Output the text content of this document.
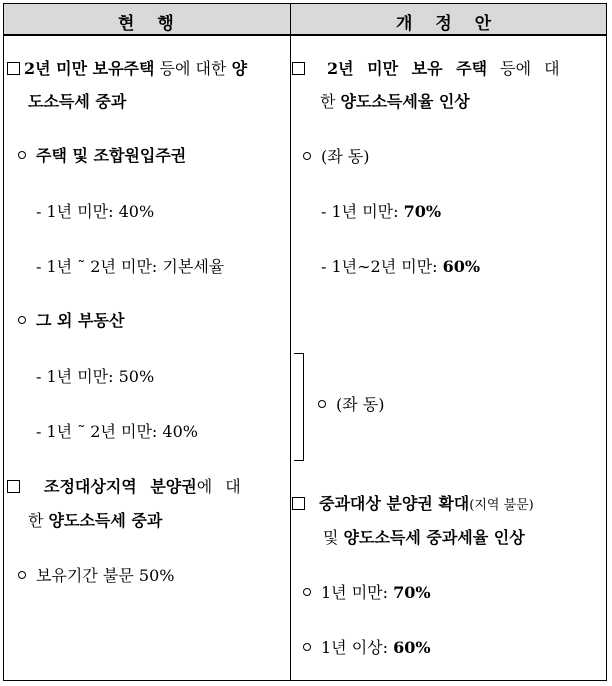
현 행	개 정 안
2년 미만 보유주택 등에 대한 양
도소득세 중과
주택 및 조합원입주권
- 1년 미만: 40%
- 1년 ˜ 2년 미만: 기본세율
그 외 부동산
- 1년 미만: 50%
- 1년 ˜ 2년 미만: 40%
조정대상지역 분양권에 대
한 양도소득세 중과
보유기간 불문 50%
2년 미만 보유 주택 등에 대
한 양도소득세율 인상
(좌 동)
- 1년 미만: 70%
- 1년∼2년 미만: 60%
(좌 동)
중과대상 분양권 확대(지역 불문)
및 양도소득세 중과세율 인상
1년 미만: 70%
1년 이상: 60%
